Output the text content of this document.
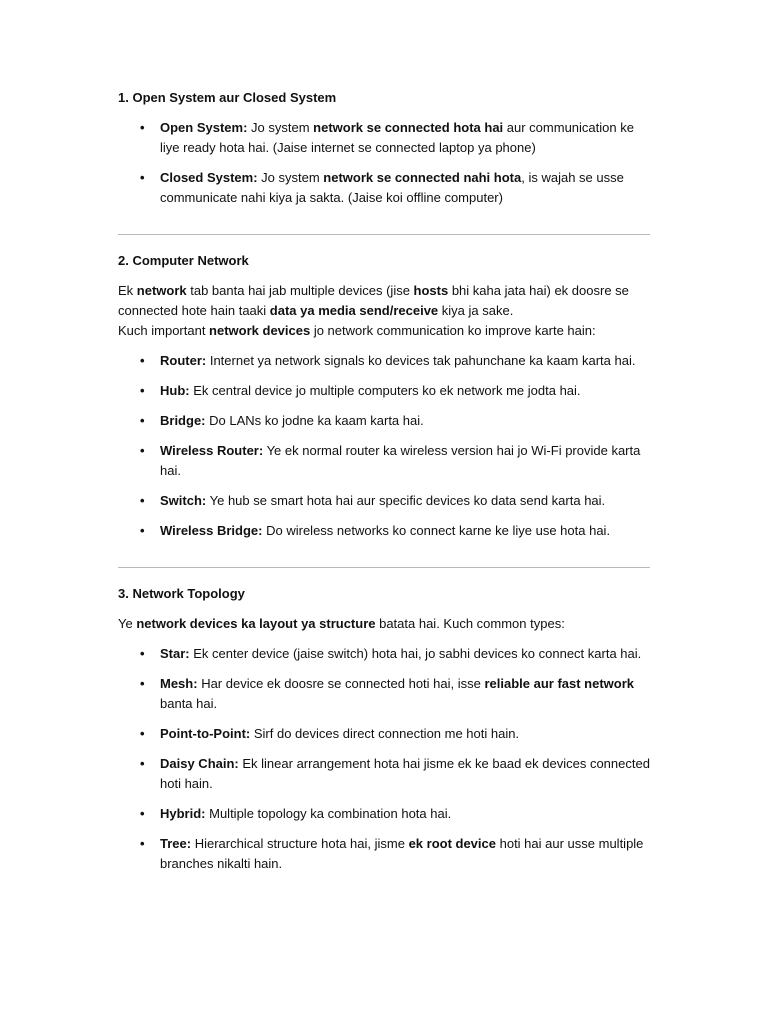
1. Open System aur Closed System
• Open System: Jo system network se connected hota hai aur communication ke liye ready hota hai. (Jaise internet se connected laptop ya phone)
• Closed System: Jo system network se connected nahi hota, is wajah se usse communicate nahi kiya ja sakta. (Jaise koi offline computer)
2. Computer Network

Ek network tab banta hai jab multiple devices (jise hosts bhi kaha jata hai) ek doosre se connected hote hain taaki data ya media send/receive kiya ja sake.

Kuch important network devices jo network communication ko improve karte hain:

• Router: Internet ya network signals ko devices tak pahunchane ka kaam karta hai.
• Hub: Ek central device jo multiple computers ko ek network me jodta hai.
• Bridge: Do LANs ko jodne ka kaam karta hai.
• Wireless Router: Ye ek normal router ka wireless version hai jo Wi-Fi provide karta hai.
• Switch: Ye hub se smart hota hai aur specific devices ko data send karta hai.
• Wireless Bridge: Do wireless networks ko connect karne ke liye use hota hai.
3. Network Topology

Ye network devices ka layout ya structure batata hai. Kuch common types:

• Star: Ek center device (jaise switch) hota hai, jo sabhi devices ko connect karta hai.
• Mesh: Har device ek doosre se connected hoti hai, isse reliable aur fast network banta hai.
• Point-to-Point: Sirf do devices direct connection me hoti hain.
• Daisy Chain: Ek linear arrangement hota hai jisme ek ke baad ek devices connected hoti hain.
• Hybrid: Multiple topology ka combination hota hai.
• Tree: Hierarchical structure hota hai, jisme ek root device hoti hai aur usse multiple branches nikalti hain.
